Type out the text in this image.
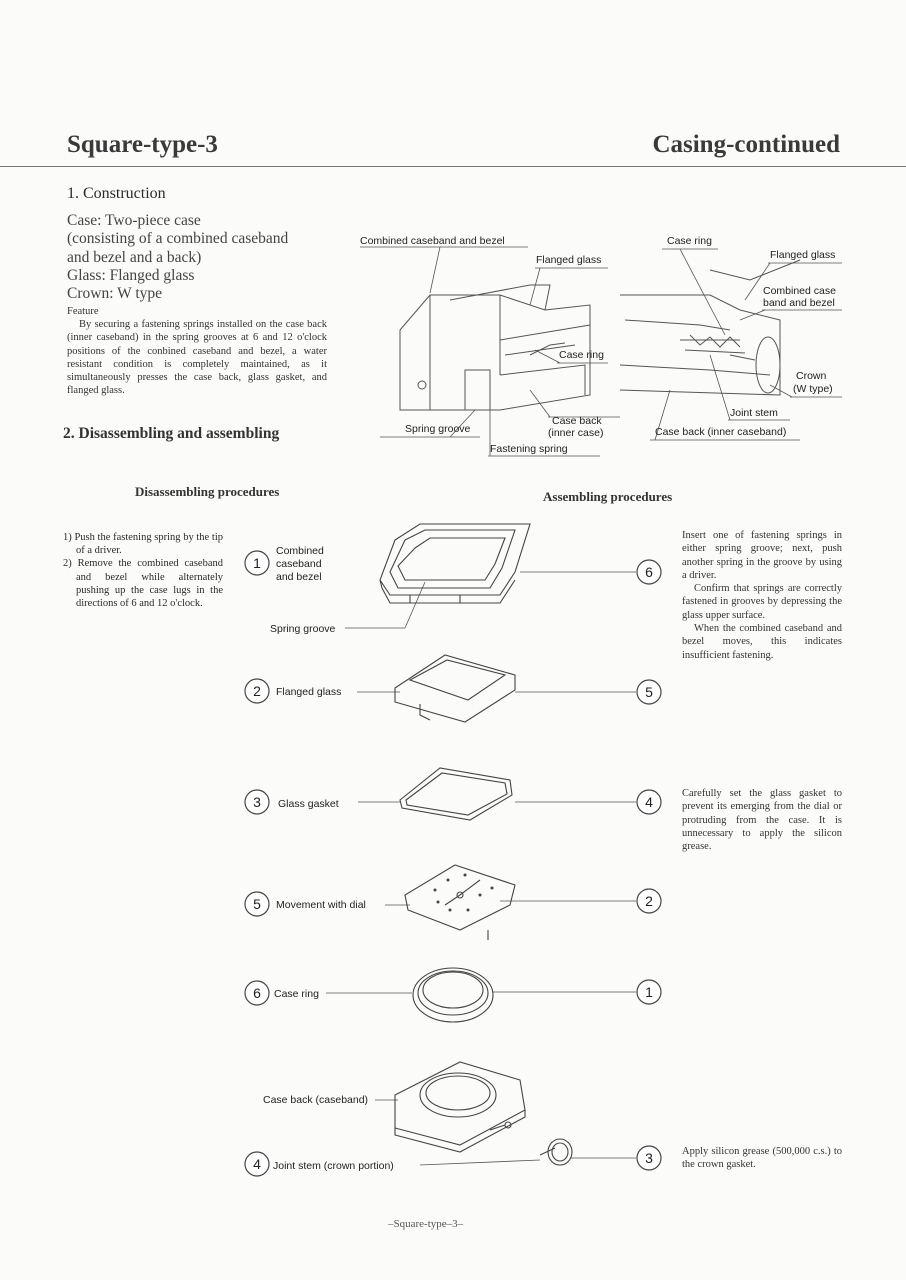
Square-type-3	Casing-continued
1. Construction
Case: Two-piece case
(consisting of a combined caseband
and bezel and a back)
Glass: Flanged glass
Crown: W type
Feature
By securing a fastening springs installed on the case back (inner caseband) in the spring grooves at 6 and 12 o'clock positions of the conbined caseband and bezel, a water resistant condition is completely maintained, as it simultaneously presses the case back, glass gasket, and flanged glass.
2. Disassembling and assembling
Combined caseband and bezel
Flanged glass
Case ring
Case back
(inner case)
Spring groove
Fastening spring
Case ring
Flanged glass
Combined case
band and bezel
Crown
(W type)
Joint stem
Case back (inner caseband)
Disassembling procedures	Assembling procedures

1) Push the fastening spring by the tip of a driver.

2) Remove the combined caseband and bezel while alternately pushing up the case lugs in the directions of 6 and 12 o'clock.

Insert one of fastening springs in either spring groove; next, push another spring in the groove by using a driver.

Confirm that springs are correctly fastened in grooves by depressing the glass upper surface.

When the combined caseband and bezel moves, this indicates insufficient fastening.

Carefully set the glass gasket to prevent its emerging from the dial or protruding from the case. It is unnecessary to apply the silicon grease.
Apply silicon grease (500,000 c.s.) to the crown gasket.
1
2
3
5
6
4
6
5
4
2
1
3
Combined
caseband
and bezel
Spring groove
Flanged glass
Glass gasket
Movement with dial
Case ring
Case back (caseband)
Joint stem (crown portion)
–Square-type–3–
